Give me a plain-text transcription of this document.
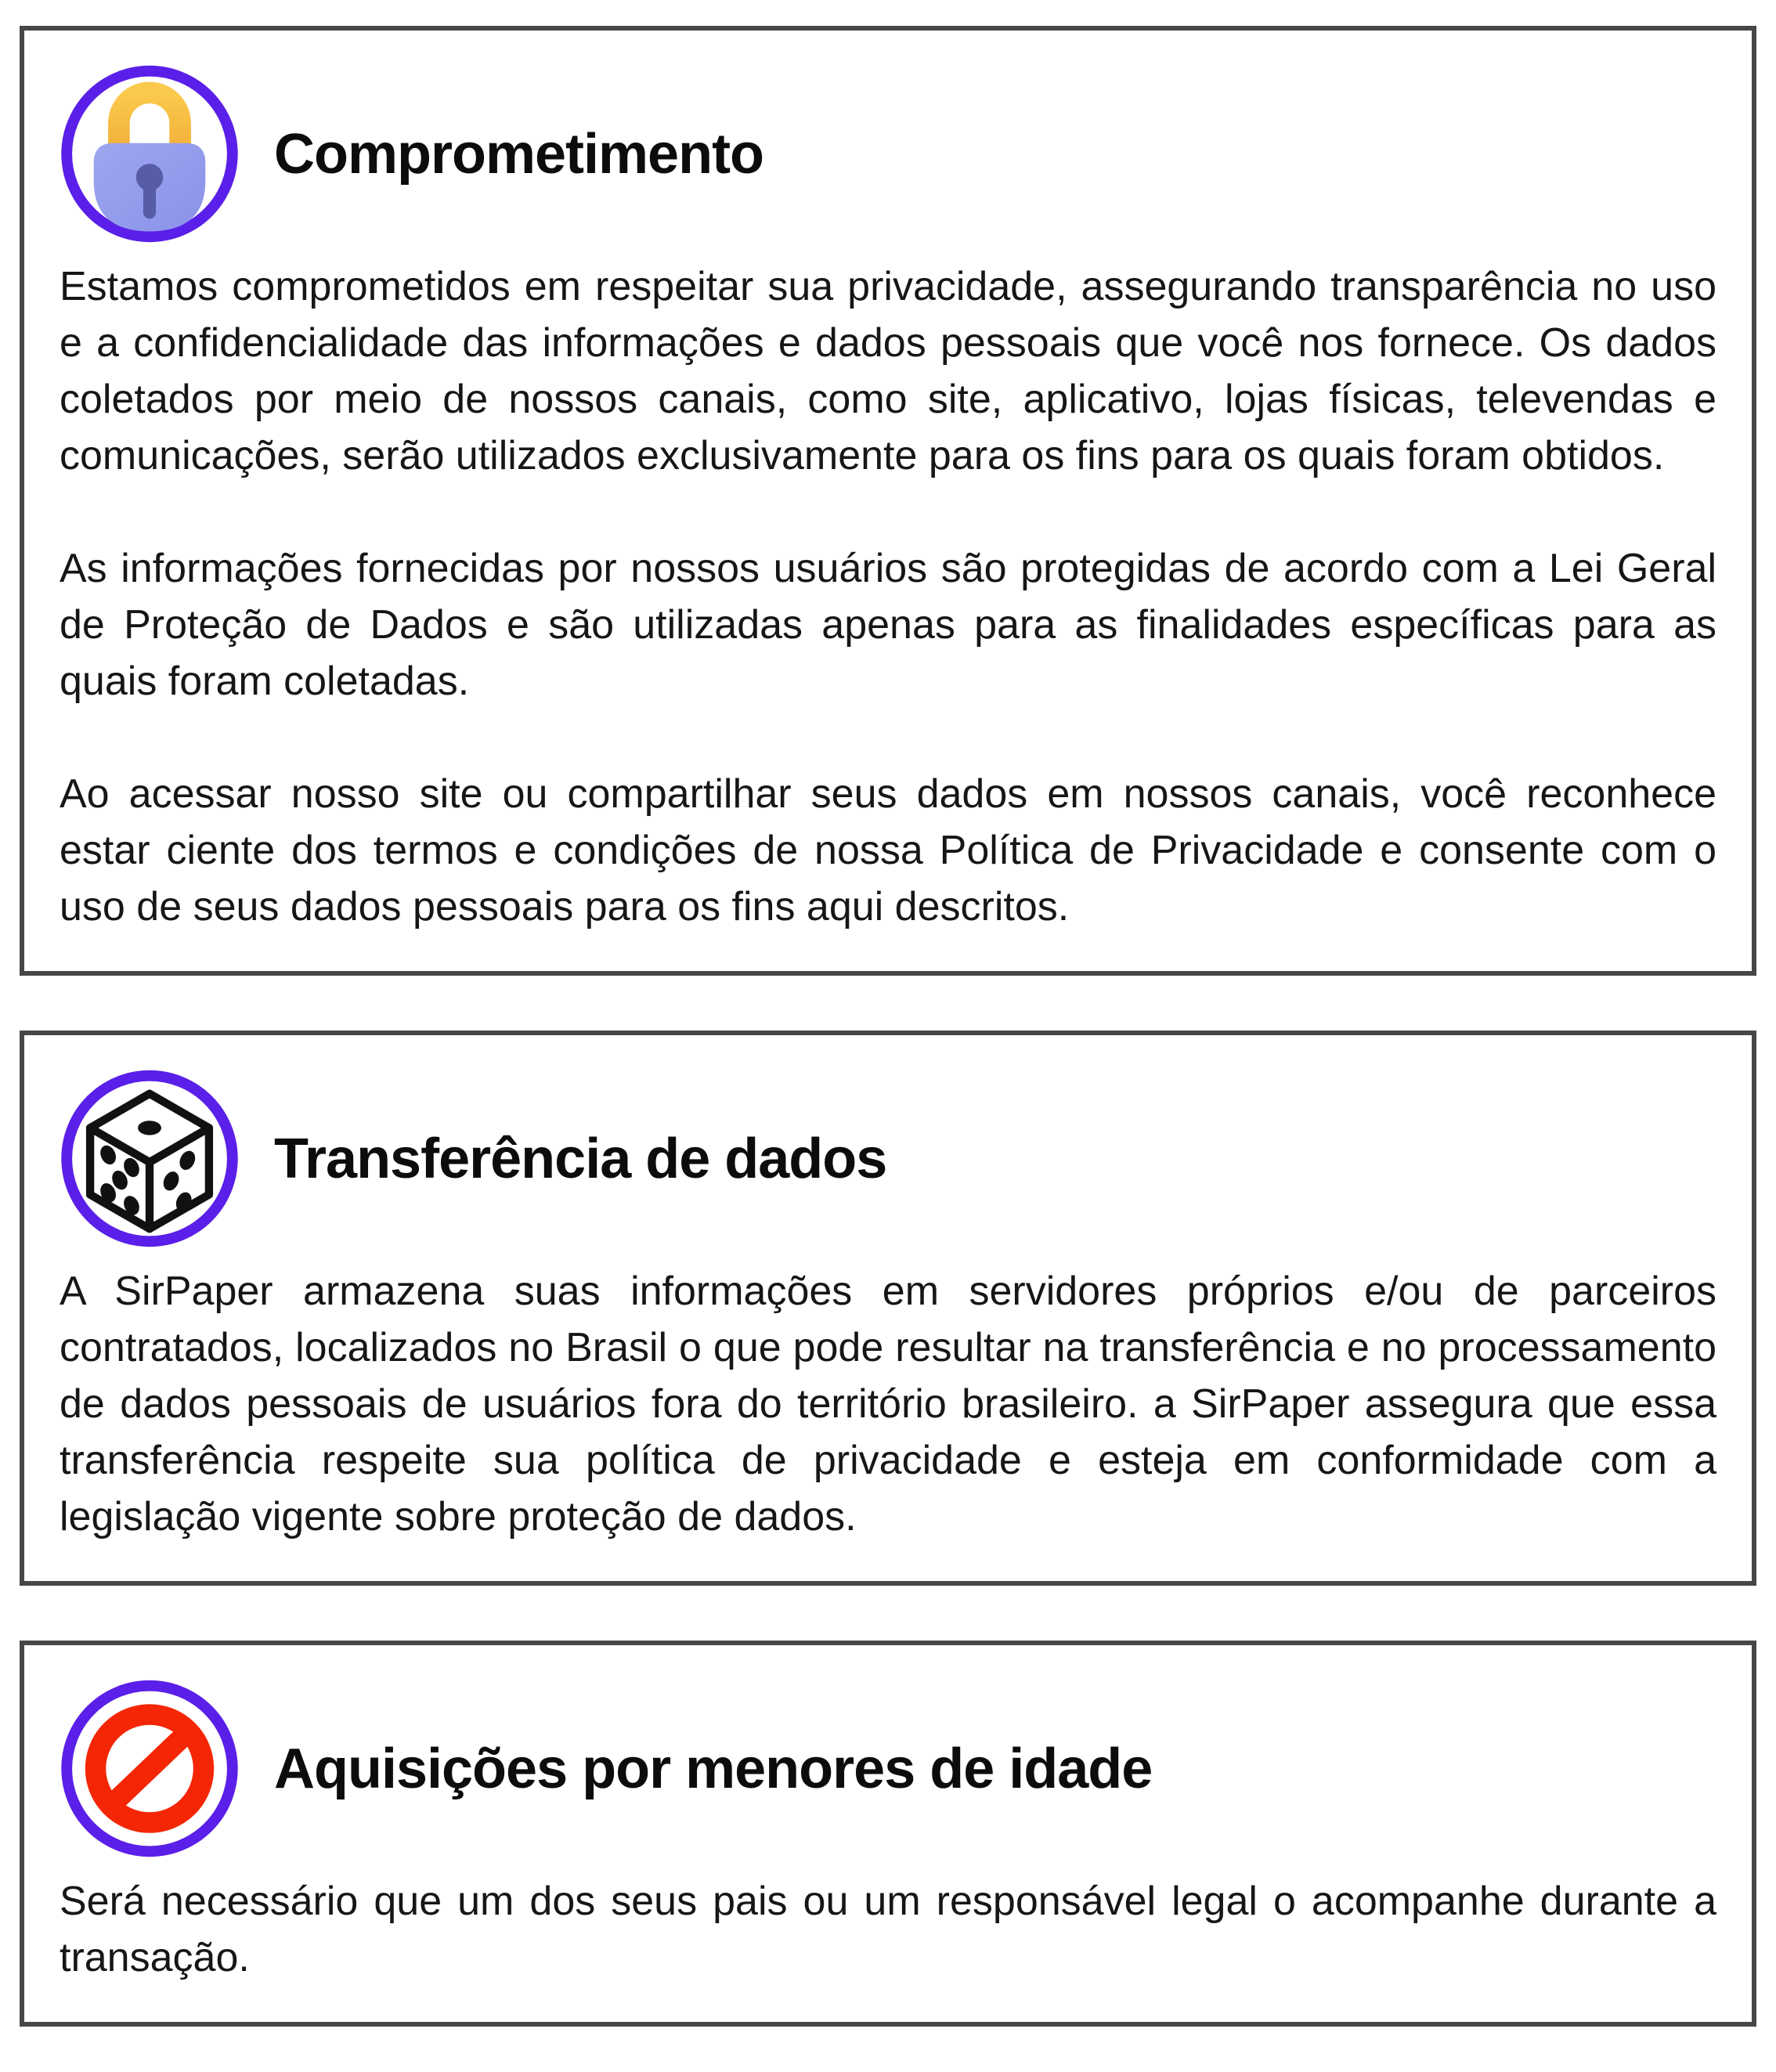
Comprometimento

Estamos comprometidos em respeitar sua privacidade, assegurando transparência no uso e a confidencialidade das informações e dados pessoais que você nos fornece. Os dados coletados por meio de nossos canais, como site, aplicativo, lojas físicas, televendas e comunicações, serão utilizados exclusivamente para os fins para os quais foram obtidos.

As informações fornecidas por nossos usuários são protegidas de acordo com a Lei Geral de Proteção de Dados e são utilizadas apenas para as finalidades específicas para as quais foram coletadas.

Ao acessar nosso site ou compartilhar seus dados em nossos canais, você reconhece estar ciente dos termos e condições de nossa Política de Privacidade e consente com o uso de seus dados pessoais para os fins aqui descritos.

Transferência de dados

A SirPaper armazena suas informações em servidores próprios e/ou de parceiros contratados, localizados no Brasil o que pode resultar na transferência e no processamento de dados pessoais de usuários fora do território brasileiro. a SirPaper assegura que essa transferência respeite sua política de privacidade e esteja em conformidade com a legislação vigente sobre proteção de dados.

Aquisições por menores de idade

Será necessário que um dos seus pais ou um responsável legal o acompanhe durante a transação.
